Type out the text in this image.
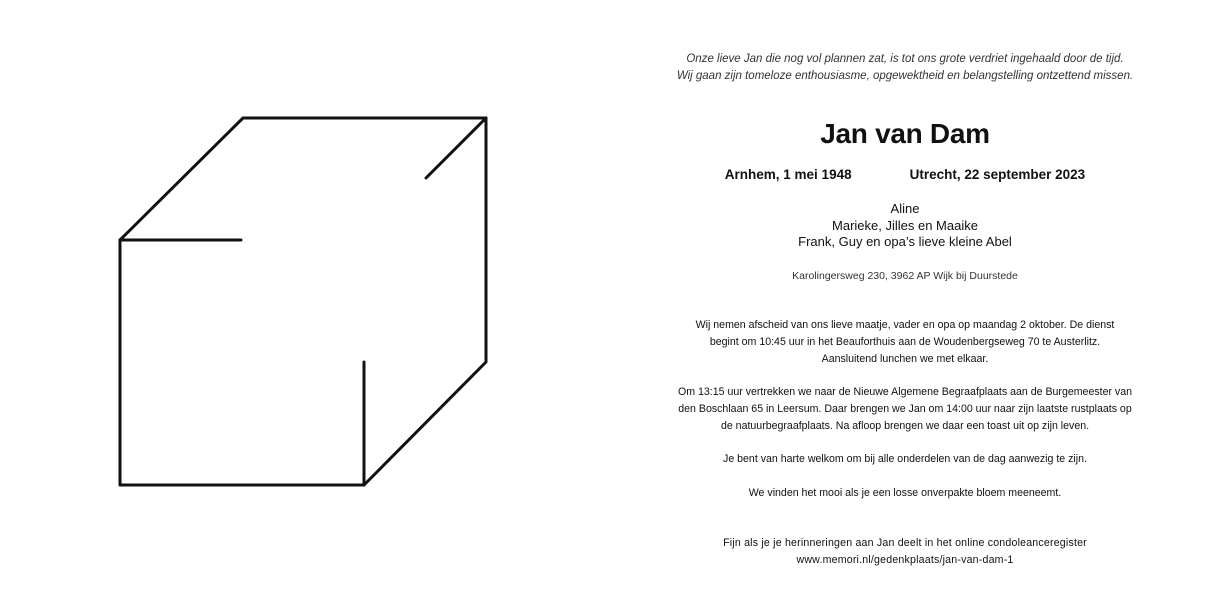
Onze lieve Jan die nog vol plannen zat, is tot ons grote verdriet ingehaald door de tijd.
Wij gaan zijn tomeloze enthousiasme, opgewektheid en belangstelling ontzettend missen.
Jan van Dam
Arnhem, 1 mei 1948	Utrecht, 22 september 2023
Aline
Marieke, Jilles en Maaike
Frank, Guy en opa’s lieve kleine Abel
Karolingersweg 230, 3962 AP Wijk bij Duurstede
Wij nemen afscheid van ons lieve maatje, vader en opa op maandag 2 oktober. De dienst
begint om 10:45 uur in het Beauforthuis aan de Woudenbergseweg 70 te Austerlitz.
Aansluitend lunchen we met elkaar.
Om 13:15 uur vertrekken we naar de Nieuwe Algemene Begraafplaats aan de Burgemeester van
den Boschlaan 65 in Leersum. Daar brengen we Jan om 14:00 uur naar zijn laatste rustplaats op
de natuurbegraafplaats. Na afloop brengen we daar een toast uit op zijn leven.
Je bent van harte welkom om bij alle onderdelen van de dag aanwezig te zijn.
We vinden het mooi als je een losse onverpakte bloem meeneemt.
Fijn als je je herinneringen aan Jan deelt in het online condoleanceregister
www.memori.nl/gedenkplaats/jan-van-dam-1
